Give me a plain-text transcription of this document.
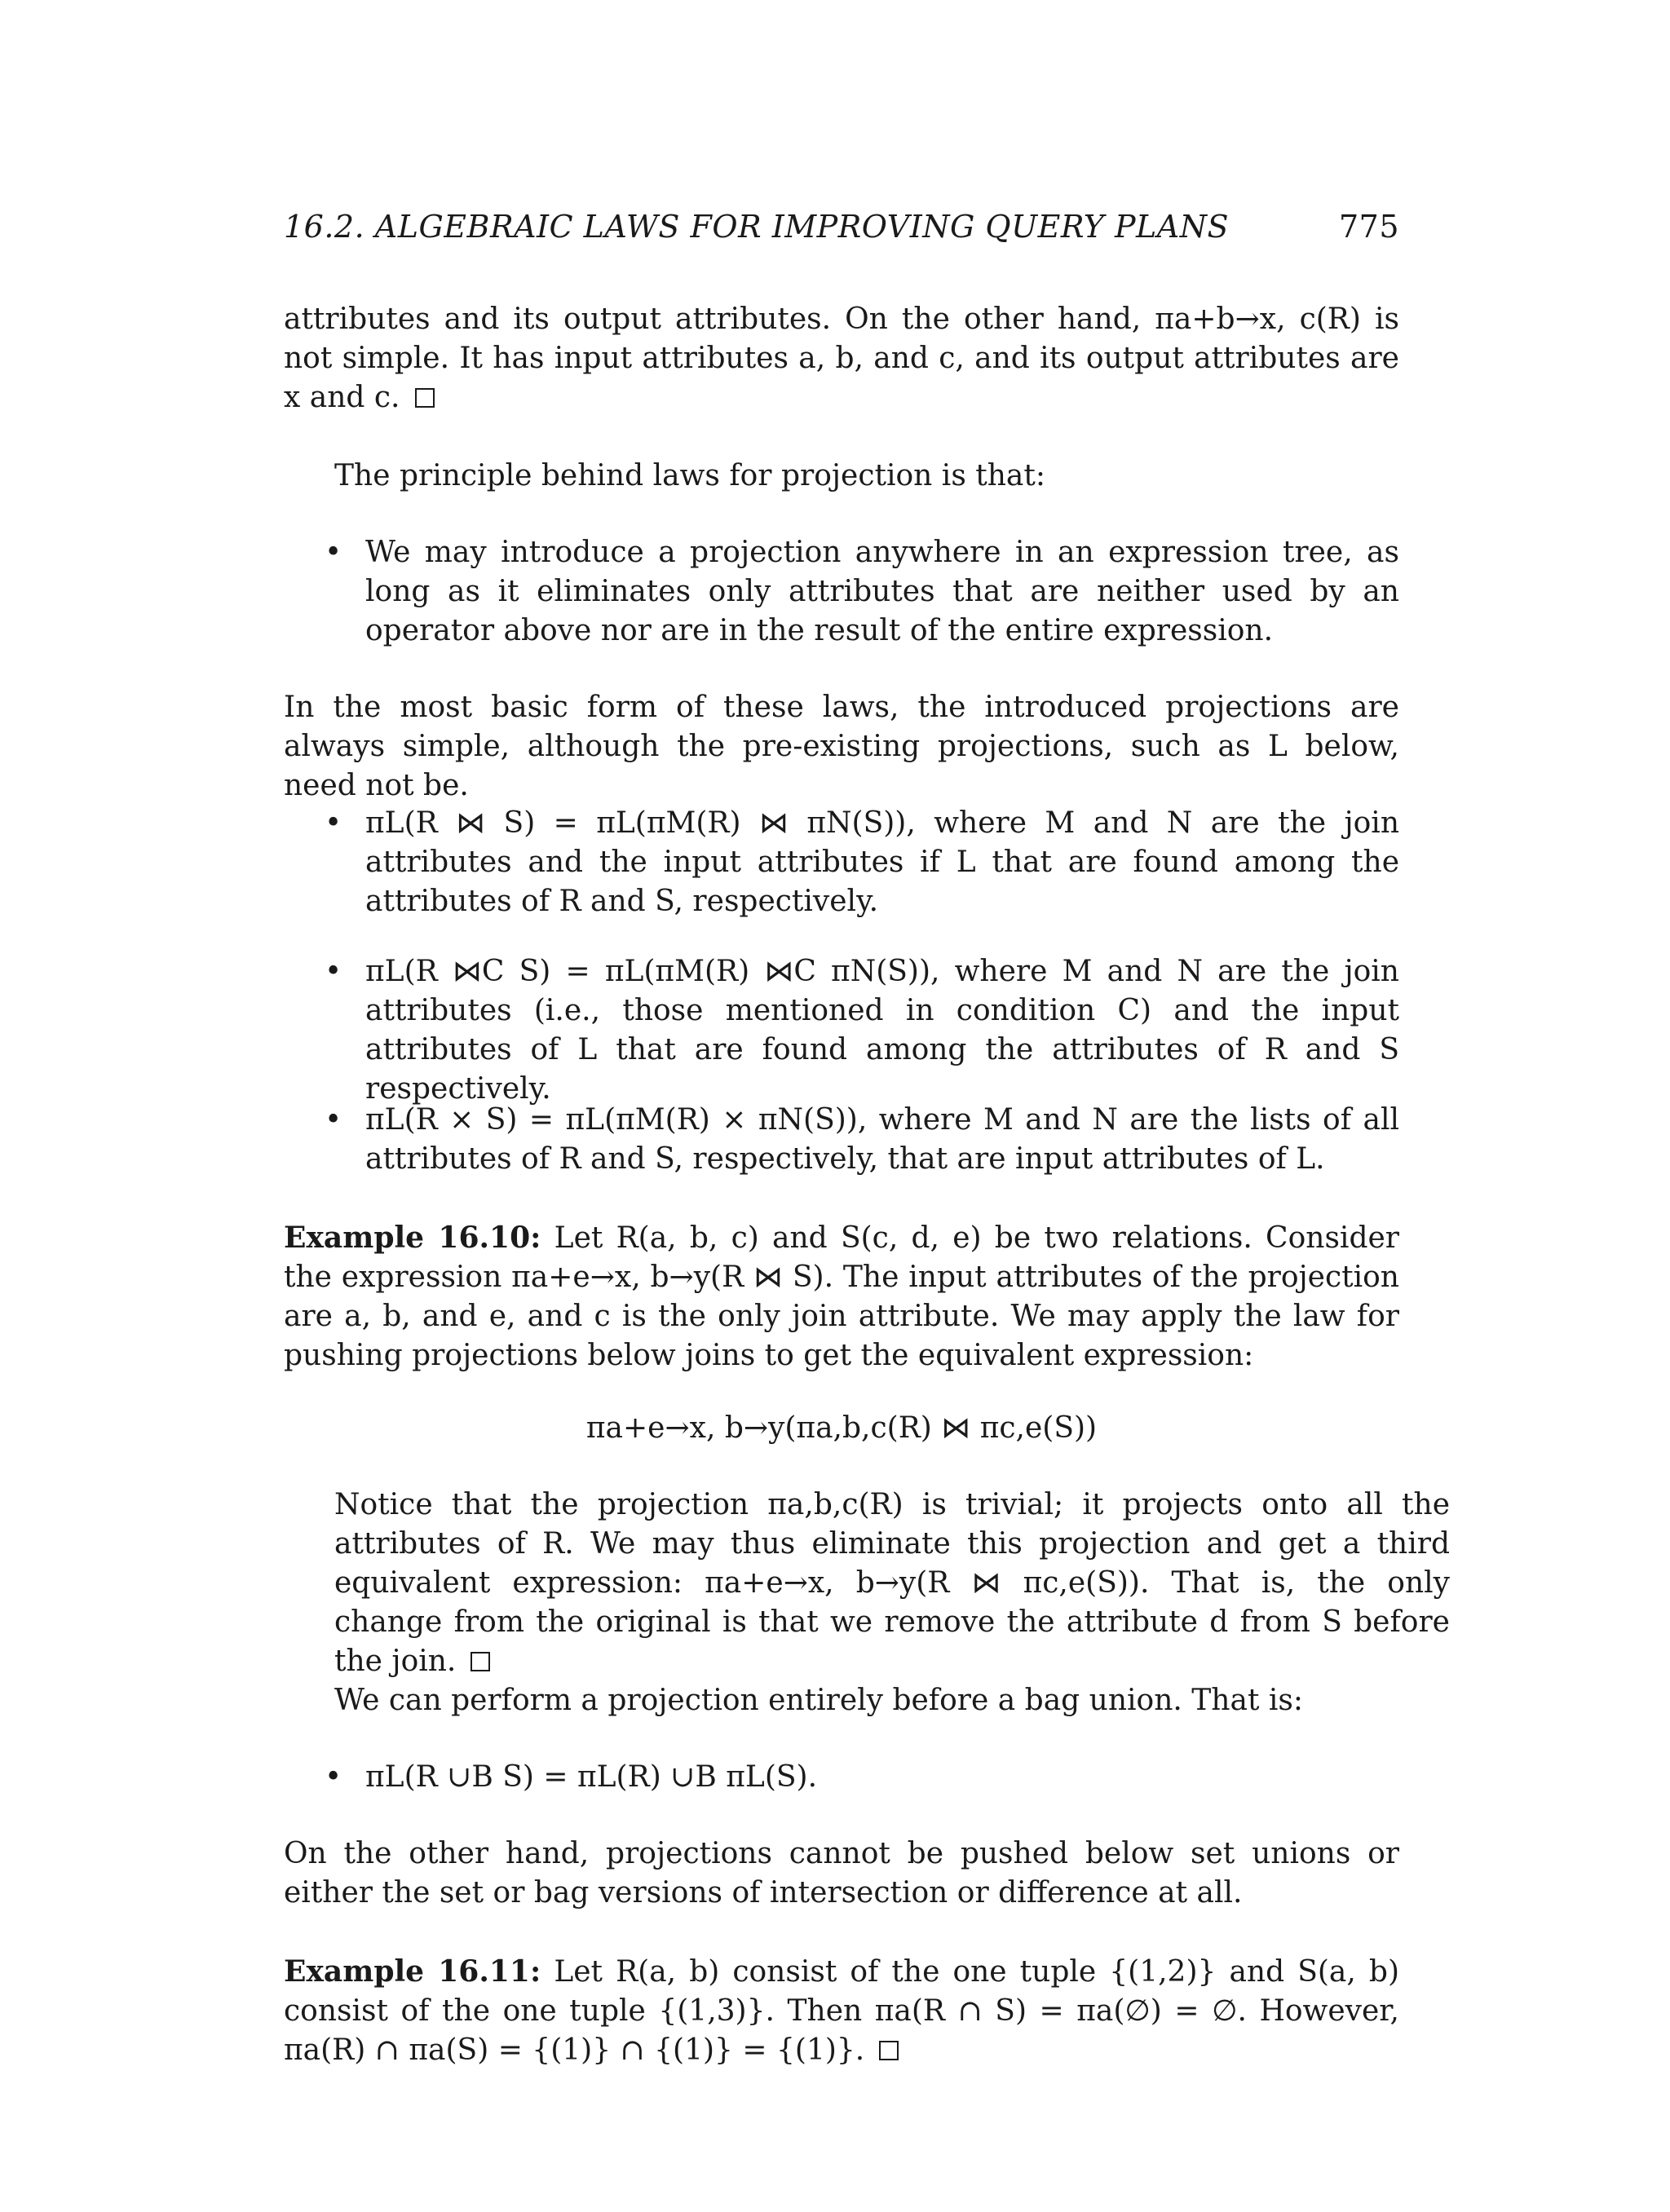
16.2. ALGEBRAIC LAWS FOR IMPROVING QUERY PLANS	775
attributes and its output attributes. On the other hand, πa+b→x, c(R) is not simple. It has input attributes a, b, and c, and its output attributes are x and c.
The principle behind laws for projection is that:
• We may introduce a projection anywhere in an expression tree, as long as it eliminates only attributes that are neither used by an operator above nor are in the result of the entire expression.
In the most basic form of these laws, the introduced projections are always simple, although the pre-existing projections, such as L below, need not be.
• πL(R ⋈ S) = πL(πM(R) ⋈ πN(S)), where M and N are the join attributes and the input attributes if L that are found among the attributes of R and S, respectively.
• πL(R ⋈C S) = πL(πM(R) ⋈C πN(S)), where M and N are the join attributes (i.e., those mentioned in condition C) and the input attributes of L that are found among the attributes of R and S respectively.
• πL(R × S) = πL(πM(R) × πN(S)), where M and N are the lists of all attributes of R and S, respectively, that are input attributes of L.
Example 16.10: Let R(a, b, c) and S(c, d, e) be two relations. Consider the expression πa+e→x, b→y(R ⋈ S). The input attributes of the projection are a, b, and e, and c is the only join attribute. We may apply the law for pushing projections below joins to get the equivalent expression:
πa+e→x, b→y(πa,b,c(R) ⋈ πc,e(S))
Notice that the projection πa,b,c(R) is trivial; it projects onto all the attributes of R. We may thus eliminate this projection and get a third equivalent expression: πa+e→x, b→y(R ⋈ πc,e(S)). That is, the only change from the original is that we remove the attribute d from S before the join.
We can perform a projection entirely before a bag union. That is:
• πL(R ∪B S) = πL(R) ∪B πL(S).
On the other hand, projections cannot be pushed below set unions or either the set or bag versions of intersection or difference at all.
Example 16.11: Let R(a, b) consist of the one tuple {(1,2)} and S(a, b) consist of the one tuple {(1,3)}. Then πa(R ∩ S) = πa(∅) = ∅. However, πa(R) ∩ πa(S) = {(1)} ∩ {(1)} = {(1)}.
